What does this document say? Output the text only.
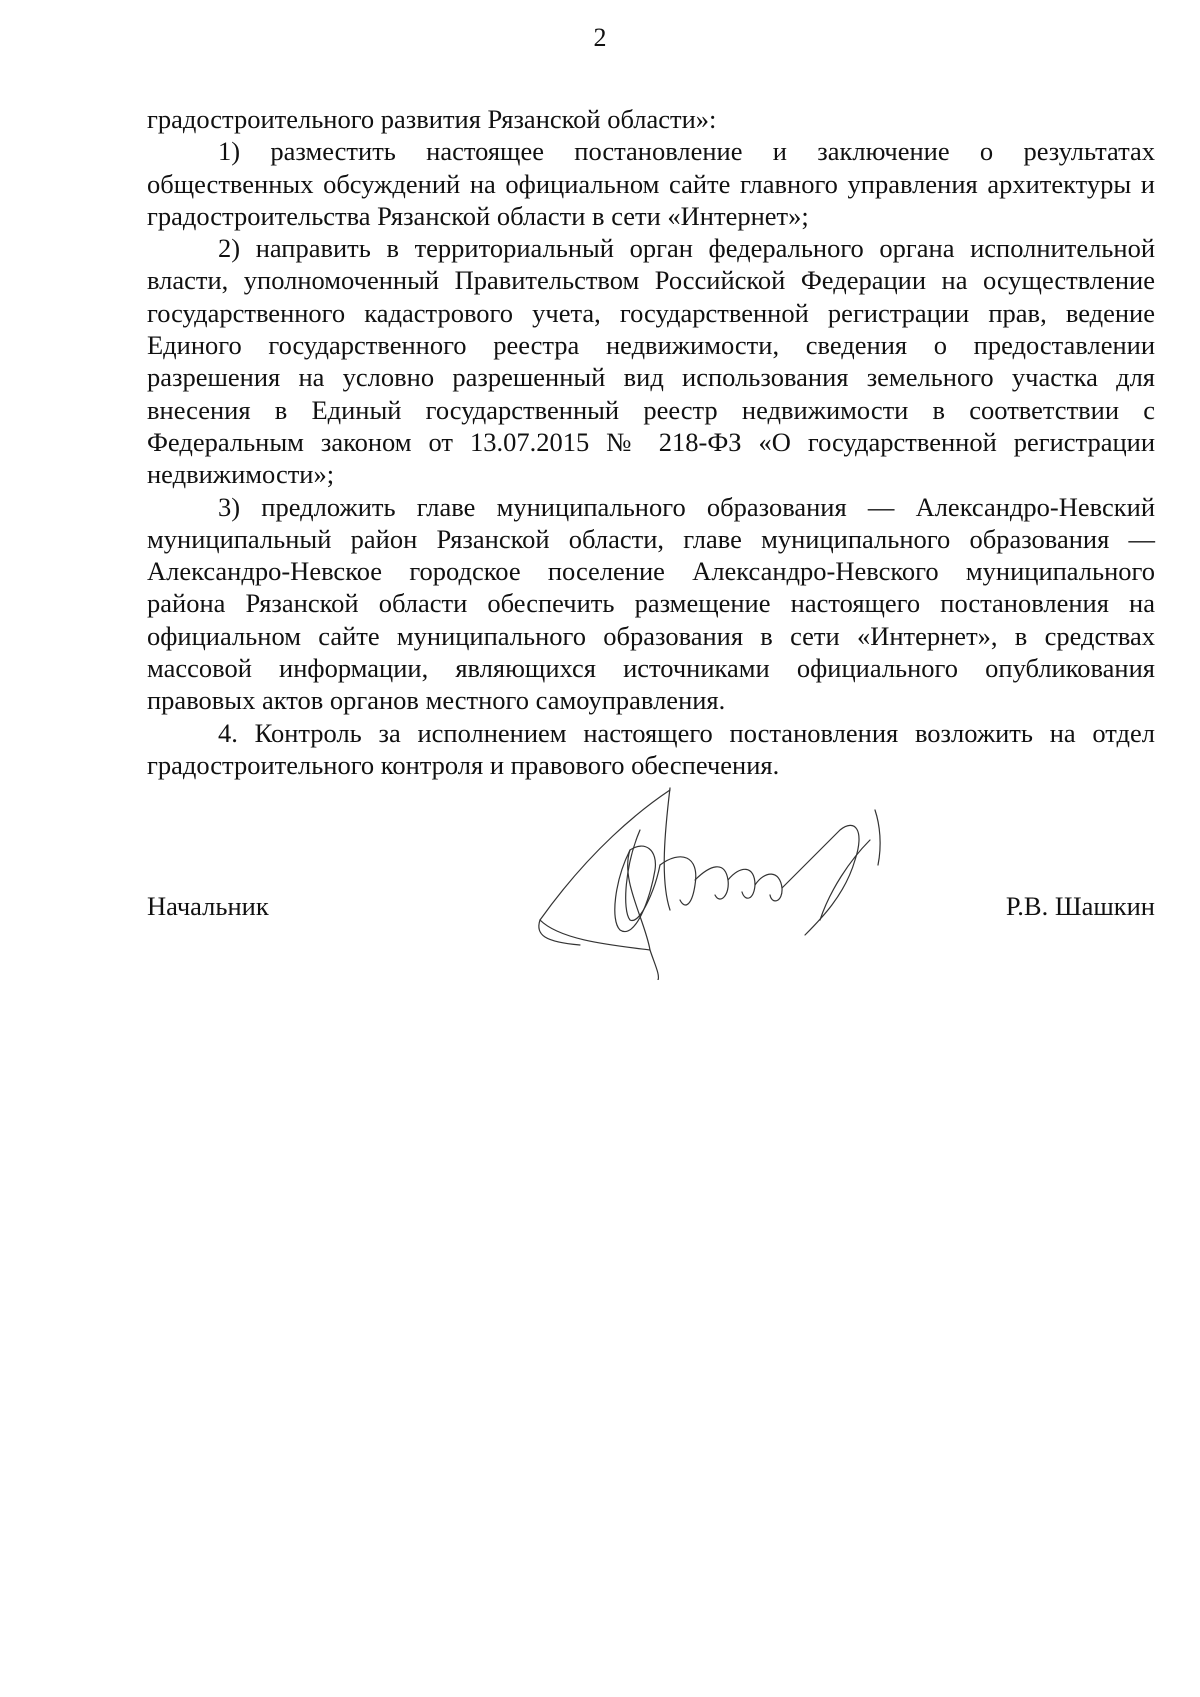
2

градостроительного развития Рязанской области»:

1) разместить настоящее постановление и заключение о результатах общественных обсуждений на официальном сайте главного управления архитектуры и градостроительства Рязанской области в сети «Интернет»;

2) направить в территориальный орган федерального органа исполнительной власти, уполномоченный Правительством Российской Федерации на осуществление государственного кадастрового учета, государственной регистрации прав, ведение Единого государственного реестра недвижимости, сведения о предоставлении разрешения на условно разрешенный вид использования земельного участка для внесения в Единый государственный реестр недвижимости в соответствии с Федеральным законом от 13.07.2015 № 218-ФЗ «О государственной регистрации недвижимости»;

3) предложить главе муниципального образования — Александро-Невский муниципальный район Рязанской области, главе муниципального образования — Александро-Невское городское поселение Александро-Невского муниципального района Рязанской области обеспечить размещение настоящего постановления на официальном сайте муниципального образования в сети «Интернет», в средствах массовой информации, являющихся источниками официального опубликования правовых актов органов местного самоуправления.

4. Контроль за исполнением настоящего постановления возложить на отдел градостроительного контроля и правового обеспечения.

Начальник	Р.В. Шашкин
